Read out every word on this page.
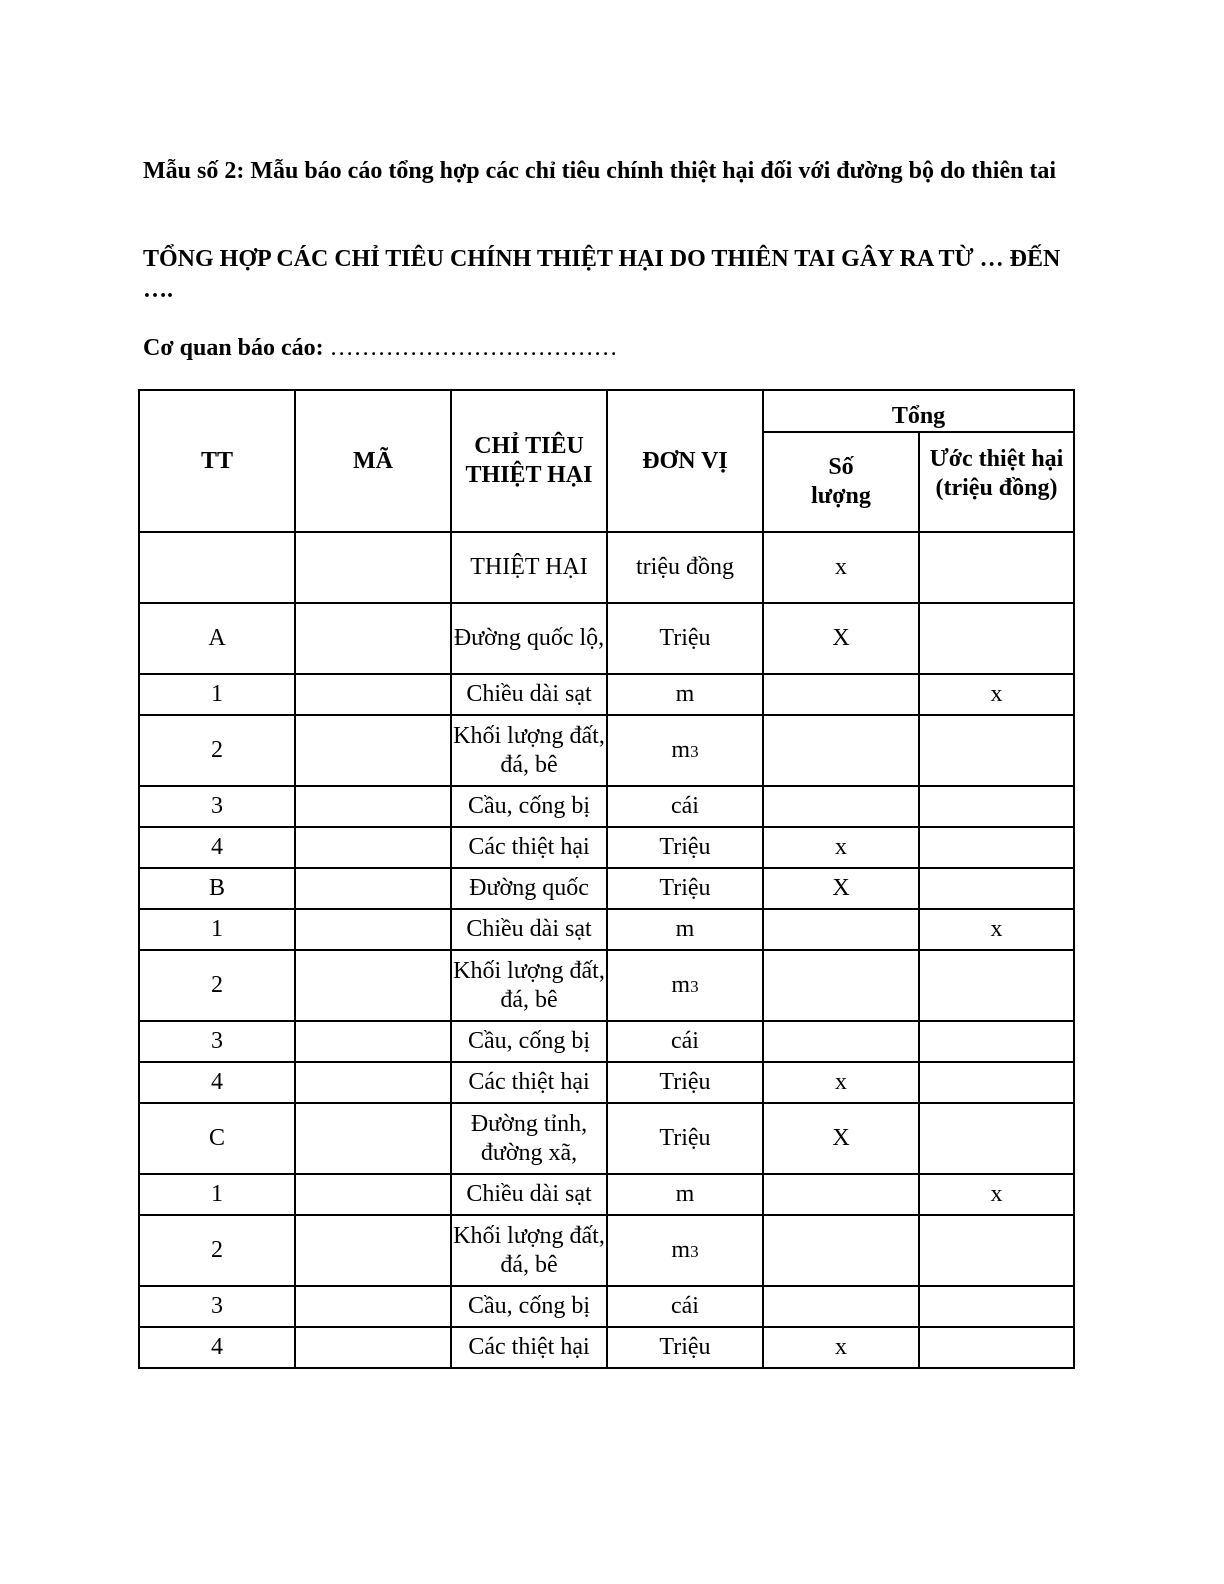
Mẫu số 2: Mẫu báo cáo tổng hợp các chỉ tiêu chính thiệt hại đối với đường bộ do thiên tai

TỔNG HỢP CÁC CHỈ TIÊU CHÍNH THIỆT HẠI DO THIÊN TAI GÂY RA TỪ … ĐẾN ….

Cơ quan báo cáo: ………………………………

TT	MÃ	CHỈ TIÊU THIỆT HẠI	ĐƠN VỊ	Tổng	
				Số lượng	Ước thiệt hại (triệu đồng)
		THIỆT HẠI	triệu đồng	x	
A		Đường quốc lộ,	Triệu	X	
1		Chiều dài sạt	m		x
2		Khối lượng đất, đá, bê	m3		
3		Cầu, cống bị	cái		
4		Các thiệt hại	Triệu	x	
B		Đường quốc	Triệu	X	
1		Chiều dài sạt	m		x
2		Khối lượng đất, đá, bê	m3		
3		Cầu, cống bị	cái		
4		Các thiệt hại	Triệu	x	
C		Đường tỉnh, đường xã,	Triệu	X	
1		Chiều dài sạt	m		x
2		Khối lượng đất, đá, bê	m3		
3		Cầu, cống bị	cái		
4		Các thiệt hại	Triệu	x	
